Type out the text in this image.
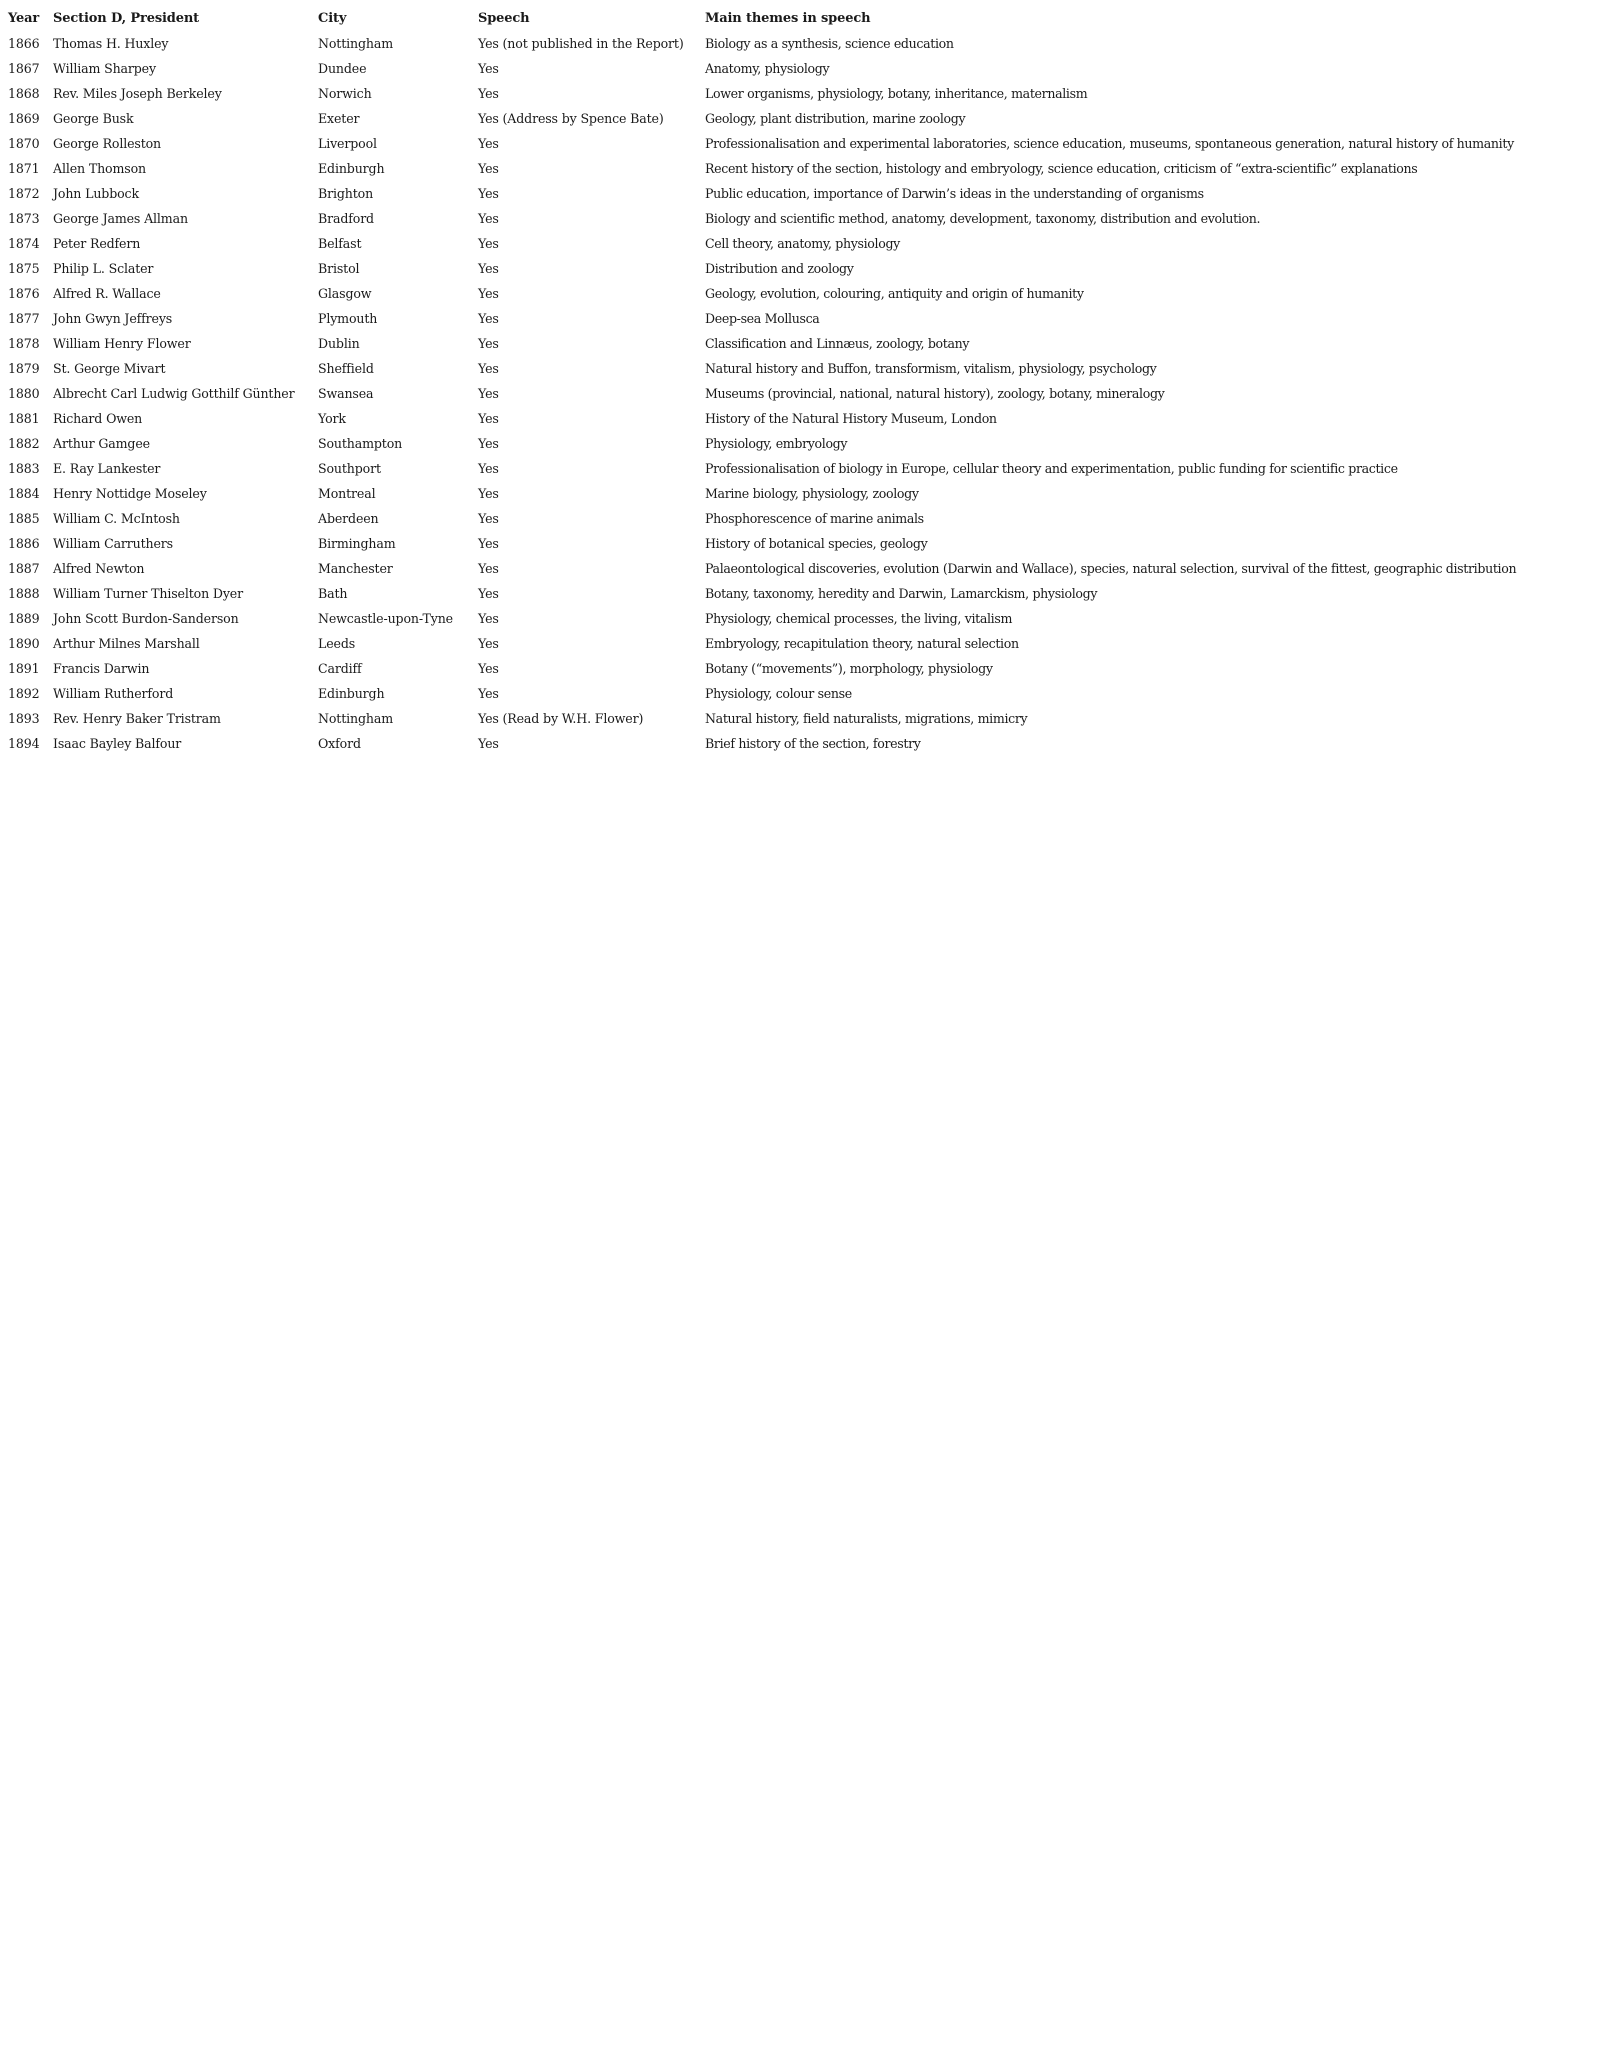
Year	Section D, President	City	Speech	Main themes in speech
1866	Thomas H. Huxley	Nottingham	Yes (not published in the Report)	Biology as a synthesis, science education
1867	William Sharpey	Dundee	Yes	Anatomy, physiology
1868	Rev. Miles Joseph Berkeley	Norwich	Yes	Lower organisms, physiology, botany, inheritance, maternalism
1869	George Busk	Exeter	Yes (Address by Spence Bate)	Geology, plant distribution, marine zoology
1870	George Rolleston	Liverpool	Yes	Professionalisation and experimental laboratories, science education, museums, spontaneous generation, natural history of humanity
1871	Allen Thomson	Edinburgh	Yes	Recent history of the section, histology and embryology, science education, criticism of “extra-scientific” explanations
1872	John Lubbock	Brighton	Yes	Public education, importance of Darwin’s ideas in the understanding of organisms
1873	George James Allman	Bradford	Yes	Biology and scientific method, anatomy, development, taxonomy, distribution and evolution.
1874	Peter Redfern	Belfast	Yes	Cell theory, anatomy, physiology
1875	Philip L. Sclater	Bristol	Yes	Distribution and zoology
1876	Alfred R. Wallace	Glasgow	Yes	Geology, evolution, colouring, antiquity and origin of humanity
1877	John Gwyn Jeffreys	Plymouth	Yes	Deep-sea Mollusca
1878	William Henry Flower	Dublin	Yes	Classification and Linnæus, zoology, botany
1879	St. George Mivart	Sheffield	Yes	Natural history and Buffon, transformism, vitalism, physiology, psychology
1880	Albrecht Carl Ludwig Gotthilf Günther	Swansea	Yes	Museums (provincial, national, natural history), zoology, botany, mineralogy
1881	Richard Owen	York	Yes	History of the Natural History Museum, London
1882	Arthur Gamgee	Southampton	Yes	Physiology, embryology
1883	E. Ray Lankester	Southport	Yes	Professionalisation of biology in Europe, cellular theory and experimentation, public funding for scientific practice
1884	Henry Nottidge Moseley	Montreal	Yes	Marine biology, physiology, zoology
1885	William C. McIntosh	Aberdeen	Yes	Phosphorescence of marine animals
1886	William Carruthers	Birmingham	Yes	History of botanical species, geology
1887	Alfred Newton	Manchester	Yes	Palaeontological discoveries, evolution (Darwin and Wallace), species, natural selection, survival of the fittest, geographic distribution
1888	William Turner Thiselton Dyer	Bath	Yes	Botany, taxonomy, heredity and Darwin, Lamarckism, physiology
1889	John Scott Burdon-Sanderson	Newcastle-upon-Tyne	Yes	Physiology, chemical processes, the living, vitalism
1890	Arthur Milnes Marshall	Leeds	Yes	Embryology, recapitulation theory, natural selection
1891	Francis Darwin	Cardiff	Yes	Botany (“movements”), morphology, physiology
1892	William Rutherford	Edinburgh	Yes	Physiology, colour sense
1893	Rev. Henry Baker Tristram	Nottingham	Yes (Read by W.H. Flower)	Natural history, field naturalists, migrations, mimicry
1894	Isaac Bayley Balfour	Oxford	Yes	Brief history of the section, forestry
